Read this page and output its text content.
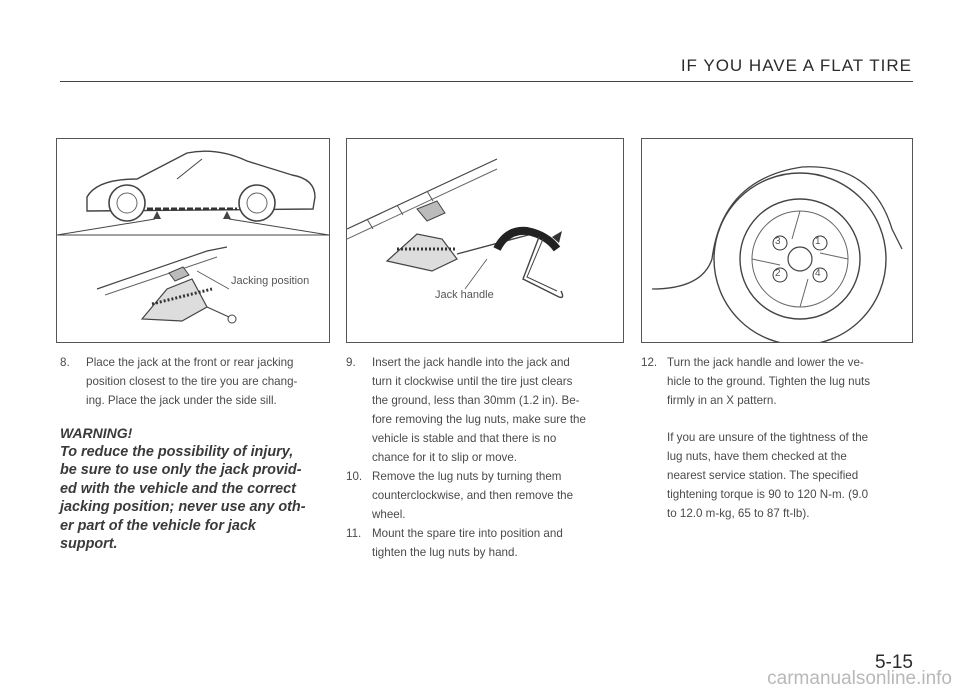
IF YOU HAVE A FLAT TIRE
Jacking position
Jack handle
1
2
3
4
8. Place the jack at the front or rear jacking
position closest to the tire you are chang-
ing. Place the jack under the side sill.
WARNING!
To reduce the possibility of injury,
be sure to use only the jack provid-
ed with the vehicle and the correct
jacking position; never use any oth-
er part of the vehicle for jack
support.
9. Insert the jack handle into the jack and
turn it clockwise until the tire just clears
the ground, less than 30mm (1.2 in). Be-
fore removing the lug nuts, make sure the
vehicle is stable and that there is no
chance for it to slip or move.
10. Remove the lug nuts by turning them
counterclockwise, and then remove the
wheel.
11. Mount the spare tire into position and
tighten the lug nuts by hand.
12. Turn the jack handle and lower the ve-
hicle to the ground. Tighten the lug nuts
firmly in an X pattern.
If you are unsure of the tightness of the
lug nuts, have them checked at the
nearest service station. The specified
tightening torque is 90 to 120 N-m. (9.0
to 12.0 m-kg, 65 to 87 ft-lb).
5-15
carmanualsonline.info
